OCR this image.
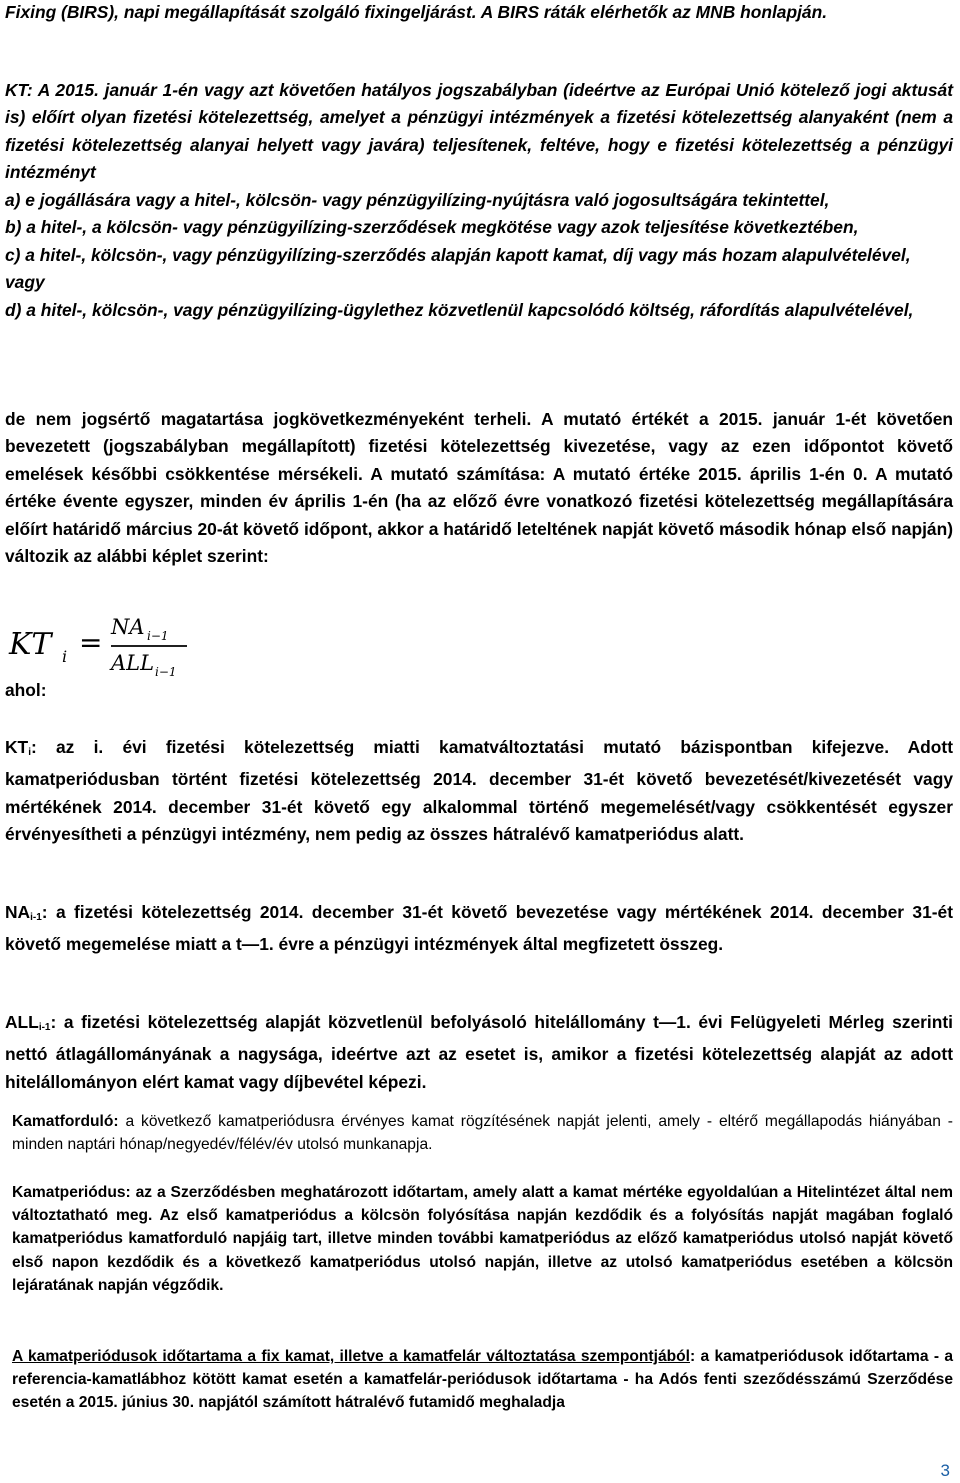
Fixing (BIRS), napi megállapítását szolgáló fixingeljárást. A BIRS ráták elérhetők az MNB honlapján.

KT: A 2015. január 1-én vagy azt követően hatályos jogszabályban (ideértve az Európai Unió kötelező jogi aktusát is) előírt olyan fizetési kötelezettség, amelyet a pénzügyi intézmények a fizetési kötelezettség alanyaként (nem a fizetési kötelezettség alanyai helyett vagy javára) teljesítenek, feltéve, hogy e fizetési kötelezettség a pénzügyi intézményt

a) e jogállására vagy a hitel-, kölcsön- vagy pénzügyilízing-nyújtásra való jogosultságára tekintettel,

b) a hitel-, a kölcsön- vagy pénzügyilízing-szerződések megkötése vagy azok teljesítése következtében,

c) a hitel-, kölcsön-, vagy pénzügyilízing-szerződés alapján kapott kamat, díj vagy más hozam alapulvételével, vagy

d) a hitel-, kölcsön-, vagy pénzügyilízing-ügylethez közvetlenül kapcsolódó költség, ráfordítás alapulvételével,

de nem jogsértő magatartása jogkövetkezményeként terheli. A mutató értékét a 2015. január 1-ét követően bevezetett (jogszabályban megállapított) fizetési kötelezettség kivezetése, vagy az ezen időpontot követő emelések későbbi csökkentése mérsékeli. A mutató számítása: A mutató értéke 2015. április 1-én 0. A mutató értéke évente egyszer, minden év április 1-én (ha az előző évre vonatkozó fizetési kötelezettség megállapítására előírt határidő március 20-át követő időpont, akkor a határidő leteltének napját követő második hónap első napján) változik az alábbi képlet szerint:

KT i = NA i−1
ALL i−1

ahol:

$KT_i$: az i. évi fizetési kötelezettség miatti kamatváltoztatási mutató bázispontban kifejezve. Adott kamatperiódusban történt fizetési kötelezettség 2014. december 31-ét követő bevezetését/kivezetését vagy mértékének 2014. december 31-ét követő egy alkalommal történő megemelését/vagy csökkentését egyszer érvényesítheti a pénzügyi intézmény, nem pedig az összes hátralévő kamatperiódus alatt.

$NA_{i-1}$: a fizetési kötelezettség 2014. december 31-ét követő bevezetése vagy mértékének 2014. december 31-ét követő megemelése miatt a t—1. évre a pénzügyi intézmények által megfizetett összeg.

$ALL_{i-1}$: a fizetési kötelezettség alapját közvetlenül befolyásoló hitelállomány t—1. évi Felügyeleti Mérleg szerinti nettó átlagállományának a nagysága, ideértve azt az esetet is, amikor a fizetési kötelezettség alapját az adott hitelállományon elért kamat vagy díjbevétel képezi.

Kamatforduló: a következő kamatperiódusra érvényes kamat rögzítésének napját jelenti, amely - eltérő megállapodás hiányában - minden naptári hónap/negyedév/félév/év utolsó munkanapja.

Kamatperiódus: az a Szerződésben meghatározott időtartam, amely alatt a kamat mértéke egyoldalúan a Hitelintézet által nem változtatható meg. Az első kamatperiódus a kölcsön folyósítása napján kezdődik és a folyósítás napját magában foglaló kamatperiódus kamatforduló napjáig tart, illetve minden további kamatperiódus az előző kamatperiódus utolsó napját követő első napon kezdődik és a következő kamatperiódus utolsó napján, illetve az utolsó kamatperiódus esetében a kölcsön lejáratának napján végződik.

A kamatperiódusok időtartama a fix kamat, illetve a kamatfelár változtatása szempontjából: a kamatperiódusok időtartama - a referencia-kamatlábhoz kötött kamat esetén a kamatfelár-periódusok időtartama - ha Adós fenti szeződésszámú Szerződése esetén a 2015. június 30. napjától számított hátralévő futamidő meghaladja

3
